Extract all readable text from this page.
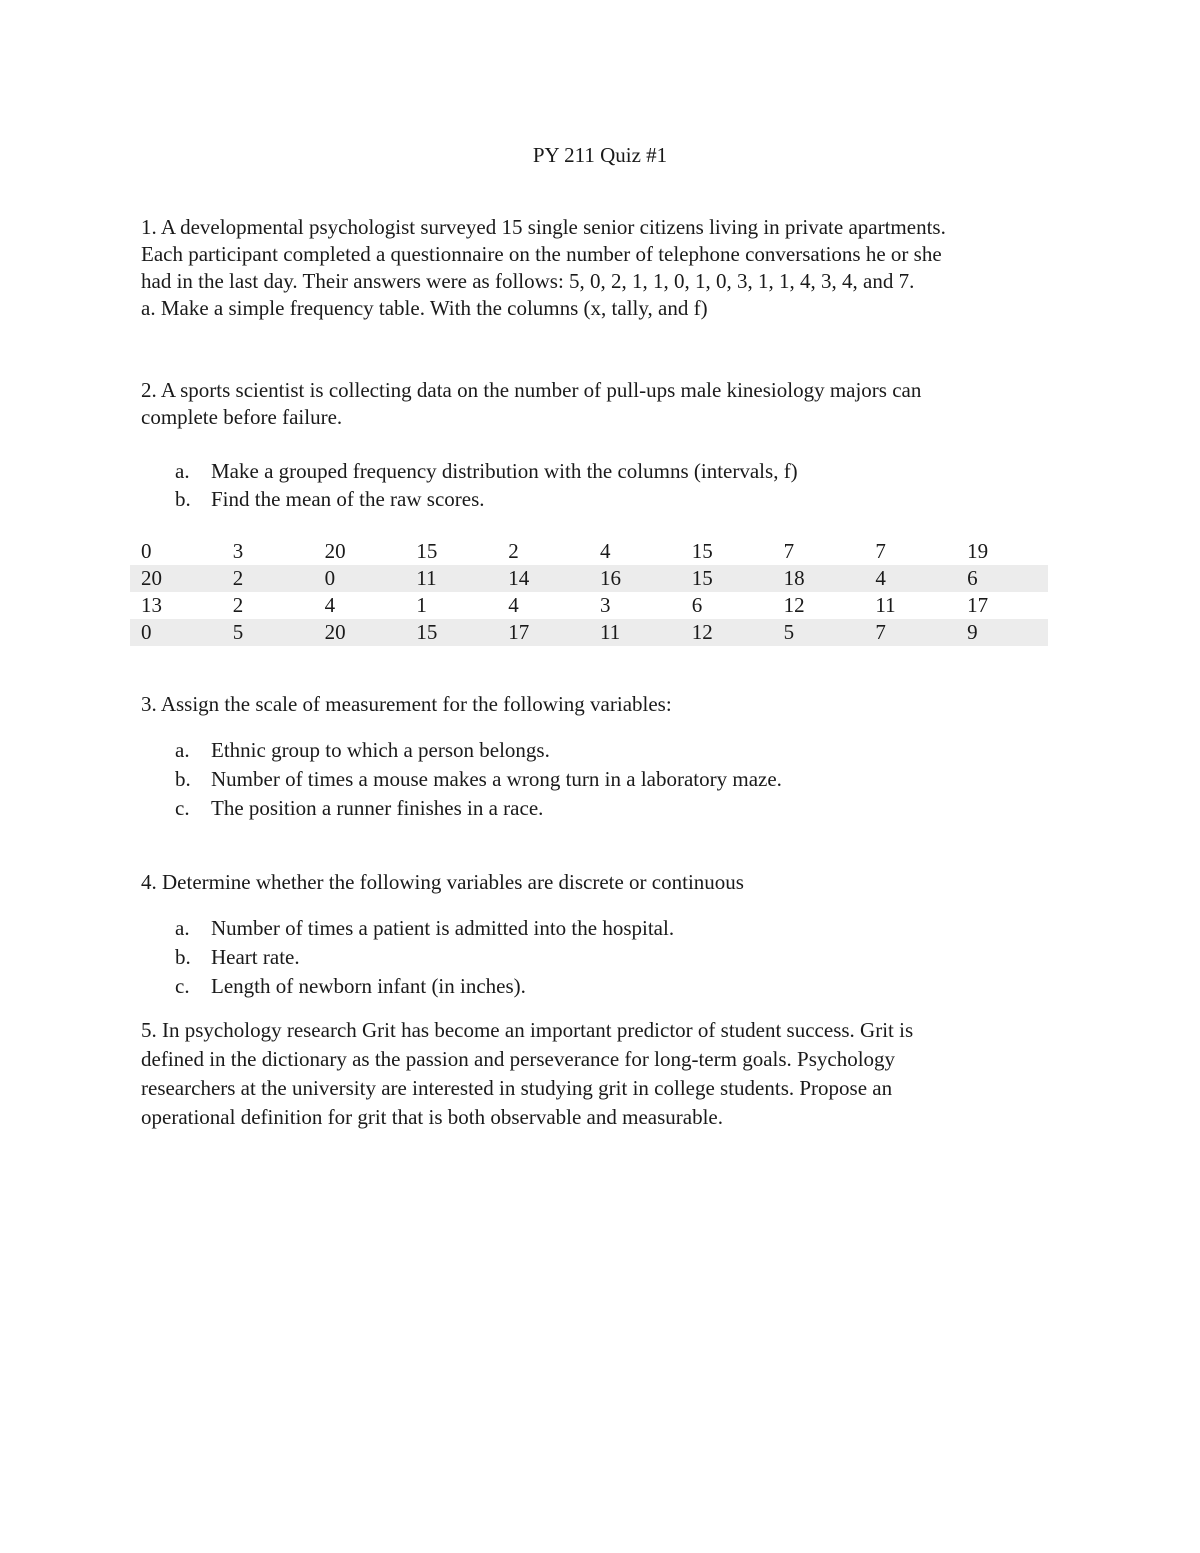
PY 211 Quiz #1

1. A developmental psychologist surveyed 15 single senior citizens living in private apartments.
Each participant completed a questionnaire on the number of telephone conversations he or she
had in the last day. Their answers were as follows: 5, 0, 2, 1, 1, 0, 1, 0, 3, 1, 1, 4, 3, 4, and 7.
a. Make a simple frequency table. With the columns (x, tally, and f)

2. A sports scientist is collecting data on the number of pull-ups male kinesiology majors can
complete before failure.

a. Make a grouped frequency distribution with the columns (intervals, f)
b. Find the mean of the raw scores.
0	3	20	15	2	4	15	7	7	19
20	2	0	11	14	16	15	18	4	6
13	2	4	1	4	3	6	12	11	17
0	5	20	15	17	11	12	5	7	9

3. Assign the scale of measurement for the following variables:

a. Ethnic group to which a person belongs.
b. Number of times a mouse makes a wrong turn in a laboratory maze.
c. The position a runner finishes in a race.

4. Determine whether the following variables are discrete or continuous

a. Number of times a patient is admitted into the hospital.
b. Heart rate.
c. Length of newborn infant (in inches).

5. In psychology research Grit has become an important predictor of student success. Grit is
defined in the dictionary as the passion and perseverance for long-term goals. Psychology
researchers at the university are interested in studying grit in college students. Propose an
operational definition for grit that is both observable and measurable.
